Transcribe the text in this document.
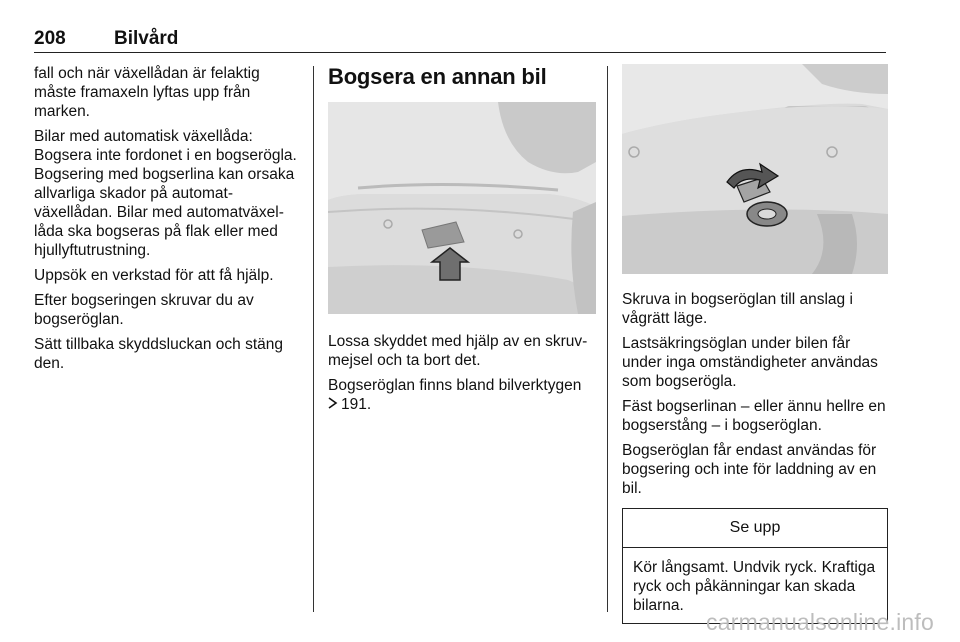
208	Bilvård

fall och när växellådan är felaktig måste framaxeln lyftas upp från marken.

Bilar med automatisk växellåda: Bogsera inte fordonet i en bogserögla. Bogsering med bogserlina kan orsaka allvarliga skador på automatväxellådan. Bilar med automatväxellåda ska bogseras på flak eller med hjullyftutrustning.

Uppsök en verkstad för att få hjälp.

Efter bogseringen skruvar du av bogseröglan.

Sätt tillbaka skyddsluckan och stäng den.

Bogsera en annan bil

Lossa skyddet med hjälp av en skruvmejsel och ta bort det.

Bogseröglan finns bland bilverktygen
191.

Skruva in bogseröglan till anslag i vågrätt läge.

Lastsäkringsöglan under bilen får under inga omständigheter användas som bogserögla.

Fäst bogserlinan – eller ännu hellre en bogserstång – i bogseröglan.

Bogseröglan får endast användas för bogsering och inte för laddning av en bil.

Se upp
Kör långsamt. Undvik ryck. Kraftiga ryck och påkänningar kan skada bilarna.
carmanualsonline.info
